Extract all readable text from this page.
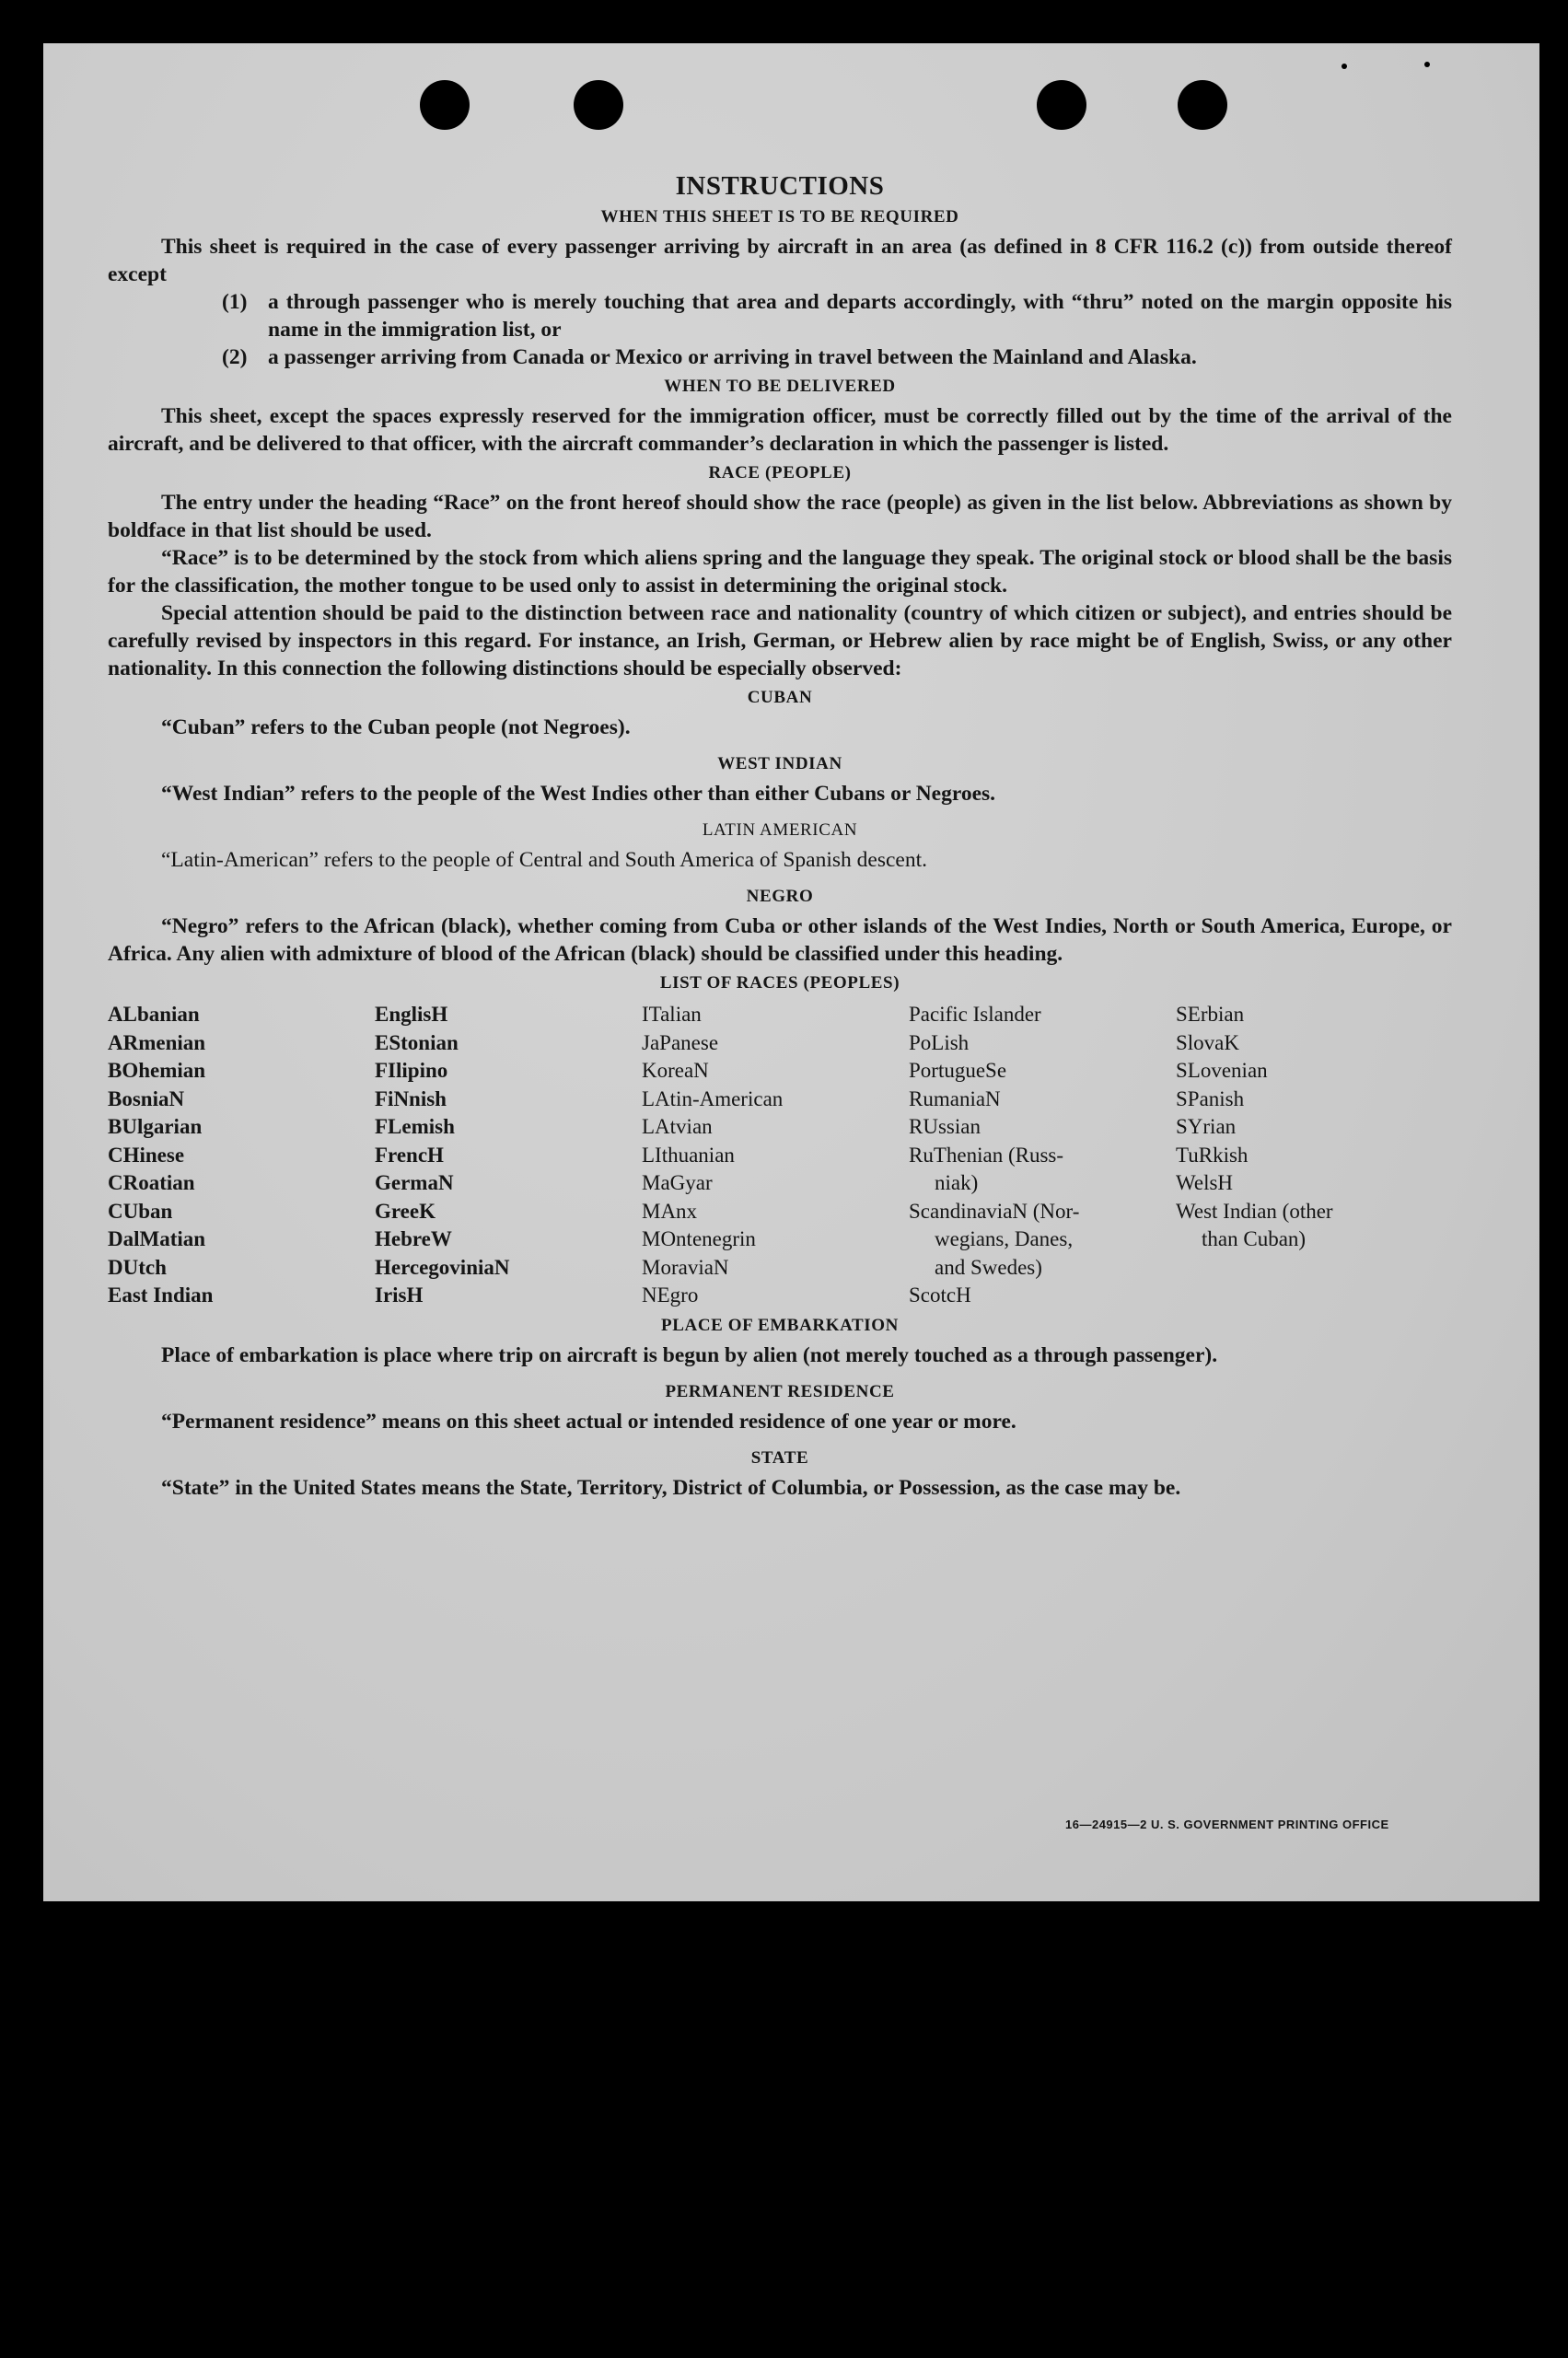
INSTRUCTIONS
WHEN THIS SHEET IS TO BE REQUIRED

This sheet is required in the case of every passenger arriving by aircraft in an area (as defined in 8 CFR 116.2 (c)) from outside thereof except

(1) a through passenger who is merely touching that area and departs accordingly, with “thru” noted on the margin opposite his name in the immigration list, or
(2) a passenger arriving from Canada or Mexico or arriving in travel between the Mainland and Alaska.
WHEN TO BE DELIVERED

This sheet, except the spaces expressly reserved for the immigration officer, must be correctly filled out by the time of the arrival of the aircraft, and be delivered to that officer, with the aircraft commander’s declaration in which the passenger is listed.

RACE (PEOPLE)

The entry under the heading “Race” on the front hereof should show the race (people) as given in the list below. Abbreviations as shown by boldface in that list should be used.

“Race” is to be determined by the stock from which aliens spring and the language they speak. The original stock or blood shall be the basis for the classification, the mother tongue to be used only to assist in determining the original stock.

Special attention should be paid to the distinction between race and nationality (country of which citizen or subject), and entries should be carefully revised by inspectors in this regard. For instance, an Irish, German, or Hebrew alien by race might be of English, Swiss, or any other nationality. In this connection the following distinctions should be especially observed:

CUBAN

“Cuban” refers to the Cuban people (not Negroes).

WEST INDIAN

“West Indian” refers to the people of the West Indies other than either Cubans or Negroes.

LATIN AMERICAN

“Latin-American” refers to the people of Central and South America of Spanish descent.

NEGRO

“Negro” refers to the African (black), whether coming from Cuba or other islands of the West Indies, North or South America, Europe, or Africa. Any alien with admixture of blood of the African (black) should be classified under this heading.

LIST OF RACES (PEOPLES)
ALbanian
ARmenian
BOhemian
BosniaN
BUlgarian
CHinese
CRoatian
CUban
DalMatian
DUtch
East Indian
EnglisH
EStonian
FIlipino
FiNnish
FLemish
FrencH
GermaN
GreeK
HebreW
HercegoviniaN
IrisH
ITalian
JaPanese
KoreaN
LAtin-American
LAtvian
LIthuanian
MaGyar
MAnx
MOntenegrin
MoraviaN
NEgro
Pacific Islander
PoLish
PortugueSe
RumaniaN
RUssian
RuThenian (Russ-
niak)
ScandinaviaN (Nor-
wegians, Danes,
and Swedes)
ScotcH
SErbian
SlovaK
SLovenian
SPanish
SYrian
TuRkish
WelsH
West Indian (other
than Cuban)
PLACE OF EMBARKATION

Place of embarkation is place where trip on aircraft is begun by alien (not merely touched as a through passenger).

PERMANENT RESIDENCE

“Permanent residence” means on this sheet actual or intended residence of one year or more.

STATE

“State” in the United States means the State, Territory, District of Columbia, or Possession, as the case may be.

16—24915—2 U. S. GOVERNMENT PRINTING OFFICE
